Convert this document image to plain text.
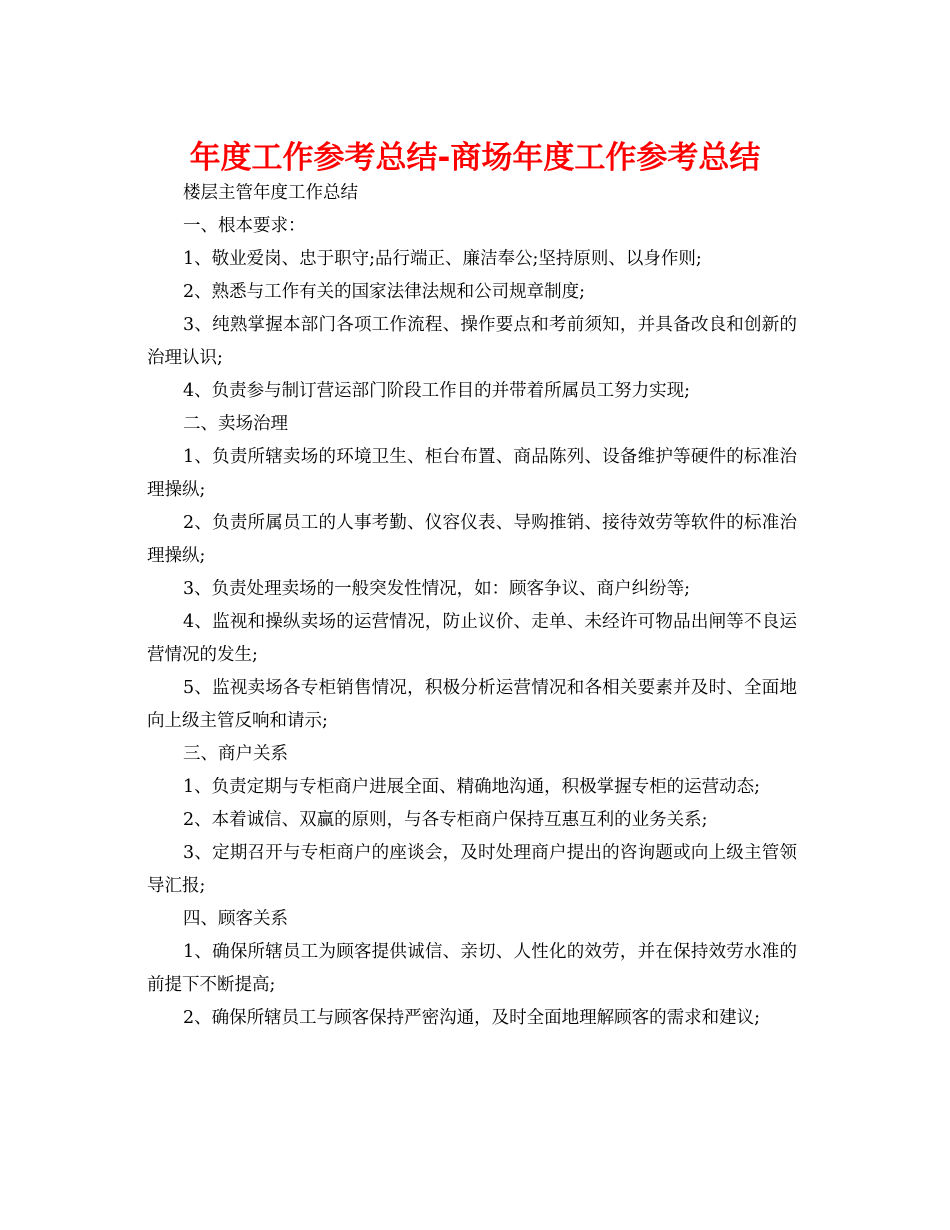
年度工作参考总结-商场年度工作参考总结

楼层主管年度工作总结

一、根本要求：

1、敬业爱岗、忠于职守;品行端正、廉洁奉公;坚持原则、以身作则;

2、熟悉与工作有关的国家法律法规和公司规章制度;

3、纯熟掌握本部门各项工作流程、操作要点和考前须知，并具备改良和创新的治理认识;

4、负责参与制订营运部门阶段工作目的并带着所属员工努力实现;

二、卖场治理

1、负责所辖卖场的环境卫生、柜台布置、商品陈列、设备维护等硬件的标准治理操纵;

2、负责所属员工的人事考勤、仪容仪表、导购推销、接待效劳等软件的标准治理操纵;

3、负责处理卖场的一般突发性情况，如：顾客争议、商户纠纷等;

4、监视和操纵卖场的运营情况，防止议价、走单、未经许可物品出闸等不良运营情况的发生;

5、监视卖场各专柜销售情况，积极分析运营情况和各相关要素并及时、全面地向上级主管反响和请示;

三、商户关系

1、负责定期与专柜商户进展全面、精确地沟通，积极掌握专柜的运营动态;

2、本着诚信、双赢的原则，与各专柜商户保持互惠互利的业务关系;

3、定期召开与专柜商户的座谈会，及时处理商户提出的咨询题或向上级主管领导汇报;

四、顾客关系

1、确保所辖员工为顾客提供诚信、亲切、人性化的效劳，并在保持效劳水准的前提下不断提高;

2、确保所辖员工与顾客保持严密沟通，及时全面地理解顾客的需求和建议;
